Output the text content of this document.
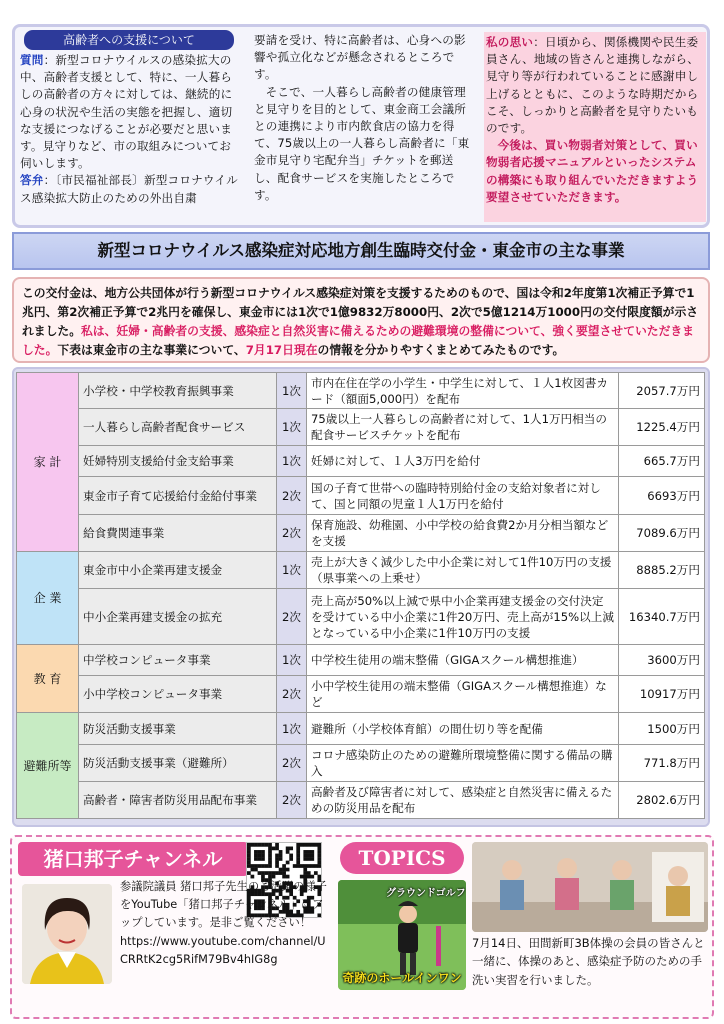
高齢者への支援について
質問：新型コロナウイルスの感染拡大の中、高齢者支援として、特に、一人暮らしの高齢者の方々に対しては、継続的に心身の状況や生活の実態を把握し、適切な支援につなげることが必要だと思います。見守りなど、市の取組みについてお伺いします。
答弁：〔市民福祉部長〕新型コロナウイルス感染拡大防止のための外出自粛
要請を受け、特に高齢者は、心身への影響や孤立化などが懸念されるところです。
そこで、一人暮らし高齢者の健康管理と見守りを目的として、東金商工会議所との連携により市内飲食店の協力を得て、75歳以上の一人暮らし高齢者に「東金市見守り宅配弁当」チケットを郵送し、配食サービスを実施したところです。
私の思い：日頃から、関係機関や民生委員さん、地域の皆さんと連携しながら、見守り等が行われていることに感謝申し上げるとともに、このような時期だからこそ、しっかりと高齢者を見守りたいものです。
今後は、買い物弱者対策として、買い物弱者応援マニュアルといったシステムの構築にも取り組んでいただきますよう要望させていただきます。
新型コロナウイルス感染症対応地方創生臨時交付金・東金市の主な事業
この交付金は、地方公共団体が行う新型コロナウイルス感染症対策を支援するためのもので、国は令和2年度第1次補正予算で1兆円、第2次補正予算で2兆円を確保し、東金市には1次で1億9832万8000円、2次で5億1214万1000円の交付限度額が示されました。私は、妊婦・高齢者の支援、感染症と自然災害に備えるための避難環境の整備について、強く要望させていただきました。下表は東金市の主な事業について、7月17日現在の情報を分かりやすくまとめてみたものです。
家 計	小学校・中学校教育振興事業	1次	市内在住在学の小学生・中学生に対して、１人1枚図書カード（額面5,000円）を配布	2057.7万円
	一人暮らし高齢者配食サービス	1次	75歳以上一人暮らしの高齢者に対して、1人1万円相当の配食サービスチケットを配布	1225.4万円
	妊婦特別支援給付金支給事業	1次	妊婦に対して、１人3万円を給付	665.7万円
	東金市子育て応援給付金給付事業	2次	国の子育て世帯への臨時特別給付金の支給対象者に対して、国と同額の児童１人1万円を給付	6693万円
	給食費関連事業	2次	保育施設、幼稚園、小中学校の給食費2か月分相当額などを支援	7089.6万円
企 業	東金市中小企業再建支援金	1次	売上が大きく減少した中小企業に対して1件10万円の支援（県事業への上乗せ）	8885.2万円
	中小企業再建支援金の拡充	2次	売上高が50%以上減で県中小企業再建支援金の交付決定を受けている中小企業に1件20万円、売上高が15%以上減となっている中小企業に1件10万円の支援	16340.7万円
教 育	中学校コンピュータ事業	1次	中学校生徒用の端末整備（GIGAスクール構想推進）	3600万円
	小中学校コンピュータ事業	2次	小中学校生徒用の端末整備（GIGAスクール構想推進）など	10917万円
避難所等	防災活動支援事業	1次	避難所（小学校体育館）の間仕切り等を配備	1500万円
	防災活動支援事業（避難所）	2次	コロナ感染防止のための避難所環境整備に関する備品の購入	771.8万円
	高齢者・障害者防災用品配布事業	2次	高齢者及び障害者に対して、感染症と自然災害に備えるための防災用品を配布	2802.6万円
猪口邦子チャンネル
参議院議員 猪口邦子先生のご活躍の様子をYouTube「猪口邦子チャンネル」にアップしています。是非ご覧ください！
https://www.youtube.com/channel/UCRRtK2cg5RifM79Bv4hIG8g
TOPICS
グラウンドゴルフ
奇跡のホールインワン
7月14日、田間新町3B体操の会員の皆さんと一緒に、体操のあと、感染症予防のための手洗い実習を行いました。
